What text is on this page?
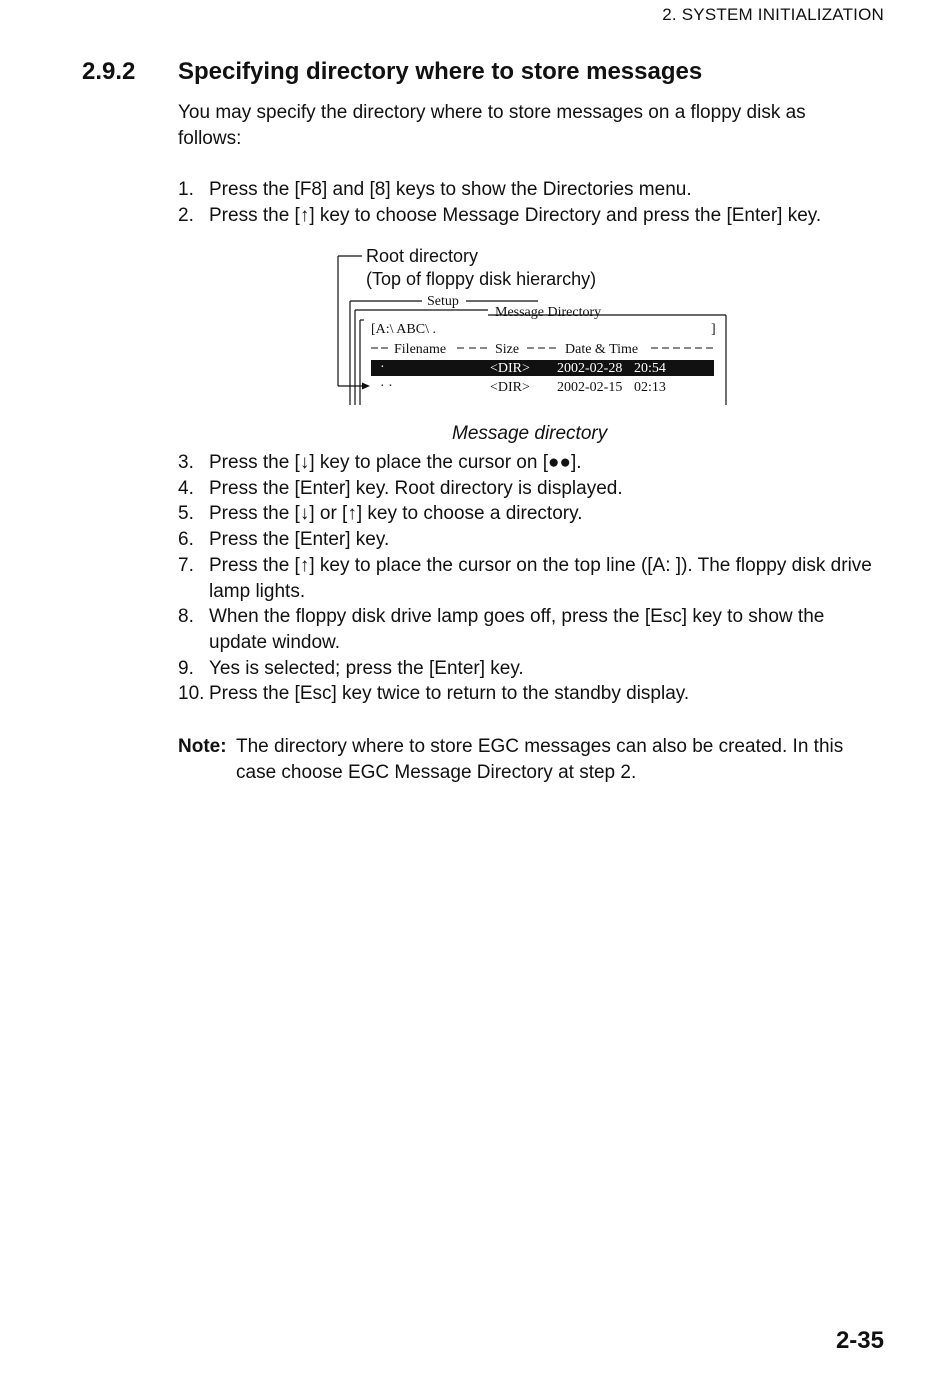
2. SYSTEM INITIALIZATION
2.9.2 Specifying directory where to store messages
You may specify the directory where to store messages on a floppy disk as follows:
1. Press the [F8] and [8] keys to show the Directories menu.
2. Press the [↑] key to choose Message Directory and press the [Enter] key.
Root directory
(Top of floppy disk hierarchy)
Setup
Message Directory
[A:\ ABC\ .	]
Filename	Size	Date & Time
·	<DIR> 2002-02-28 20:54
· ·	<DIR> 2002-02-15 02:13
Message directory
3. Press the [↓] key to place the cursor on [●●].
4. Press the [Enter] key. Root directory is displayed.
5. Press the [↓] or [↑] key to choose a directory.
6. Press the [Enter] key.
7. Press the [↑] key to place the cursor on the top line ([A: ]). The floppy disk drive lamp lights.
8. When the floppy disk drive lamp goes off, press the [Esc] key to show the update window.
9. Yes is selected; press the [Enter] key.
10. Press the [Esc] key twice to return to the standby display.
Note: The directory where to store EGC messages can also be created. In this case choose EGC Message Directory at step 2.
2-35
